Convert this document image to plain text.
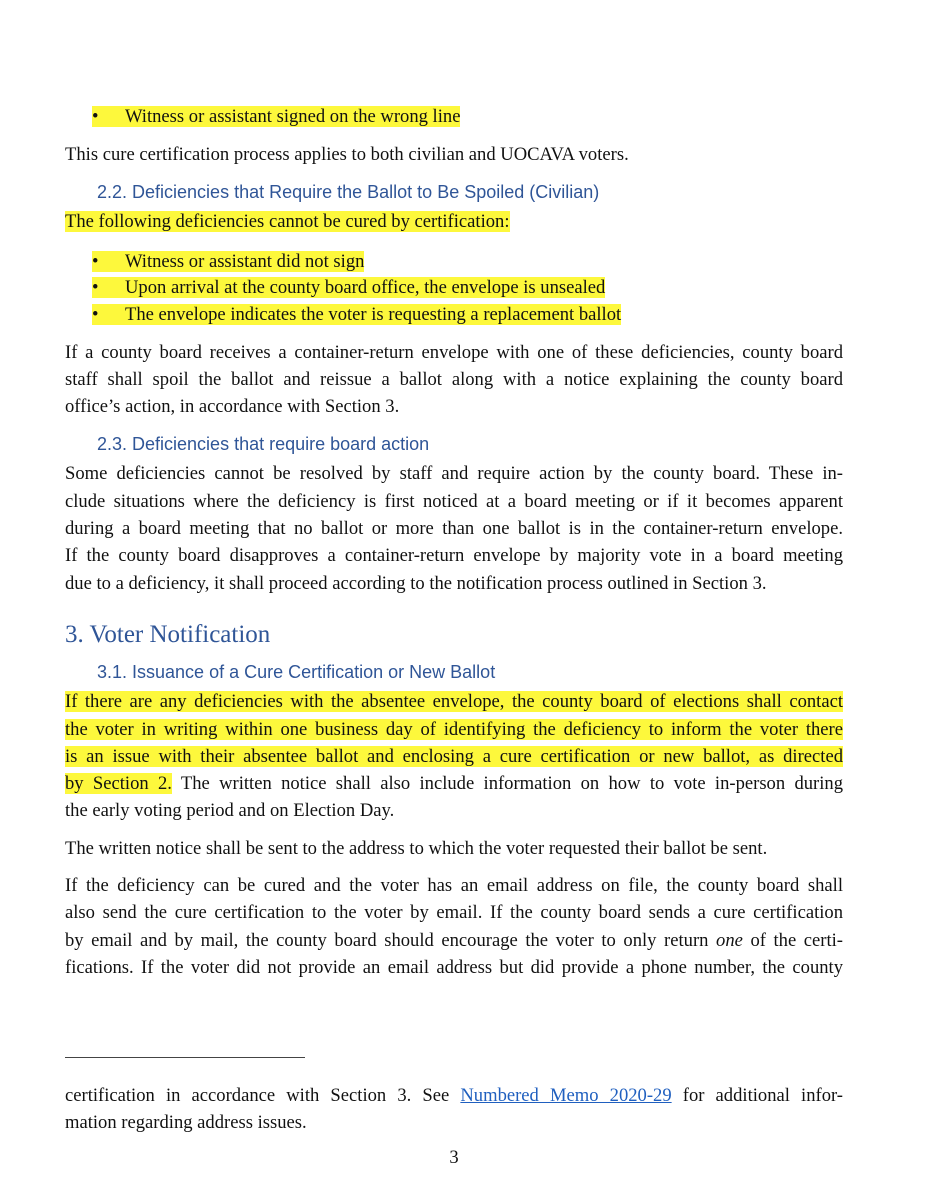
• Witness or assistant signed on the wrong line
This cure certification process applies to both civilian and UOCAVA voters.
2.2. Deficiencies that Require the Ballot to Be Spoiled (Civilian)
The following deficiencies cannot be cured by certification:
• Witness or assistant did not sign
• Upon arrival at the county board office, the envelope is unsealed
• The envelope indicates the voter is requesting a replacement ballot
If a county board receives a container-return envelope with one of these deficiencies, county board
staff shall spoil the ballot and reissue a ballot along with a notice explaining the county board
office’s action, in accordance with Section 3.
2.3. Deficiencies that require board action
Some deficiencies cannot be resolved by staff and require action by the county board. These in-
clude situations where the deficiency is first noticed at a board meeting or if it becomes apparent
during a board meeting that no ballot or more than one ballot is in the container-return envelope.
If the county board disapproves a container-return envelope by majority vote in a board meeting
due to a deficiency, it shall proceed according to the notification process outlined in Section 3.
3. Voter Notification
3.1. Issuance of a Cure Certification or New Ballot
If there are any deficiencies with the absentee envelope, the county board of elections shall contact
the voter in writing within one business day of identifying the deficiency to inform the voter there
is an issue with their absentee ballot and enclosing a cure certification or new ballot, as directed
by Section 2. The written notice shall also include information on how to vote in-person during
the early voting period and on Election Day.
The written notice shall be sent to the address to which the voter requested their ballot be sent.
If the deficiency can be cured and the voter has an email address on file, the county board shall
also send the cure certification to the voter by email. If the county board sends a cure certification
by email and by mail, the county board should encourage the voter to only return one of the certi-
fications. If the voter did not provide an email address but did provide a phone number, the county
certification in accordance with Section 3. See Numbered Memo 2020-29 for additional infor-
mation regarding address issues.
3
